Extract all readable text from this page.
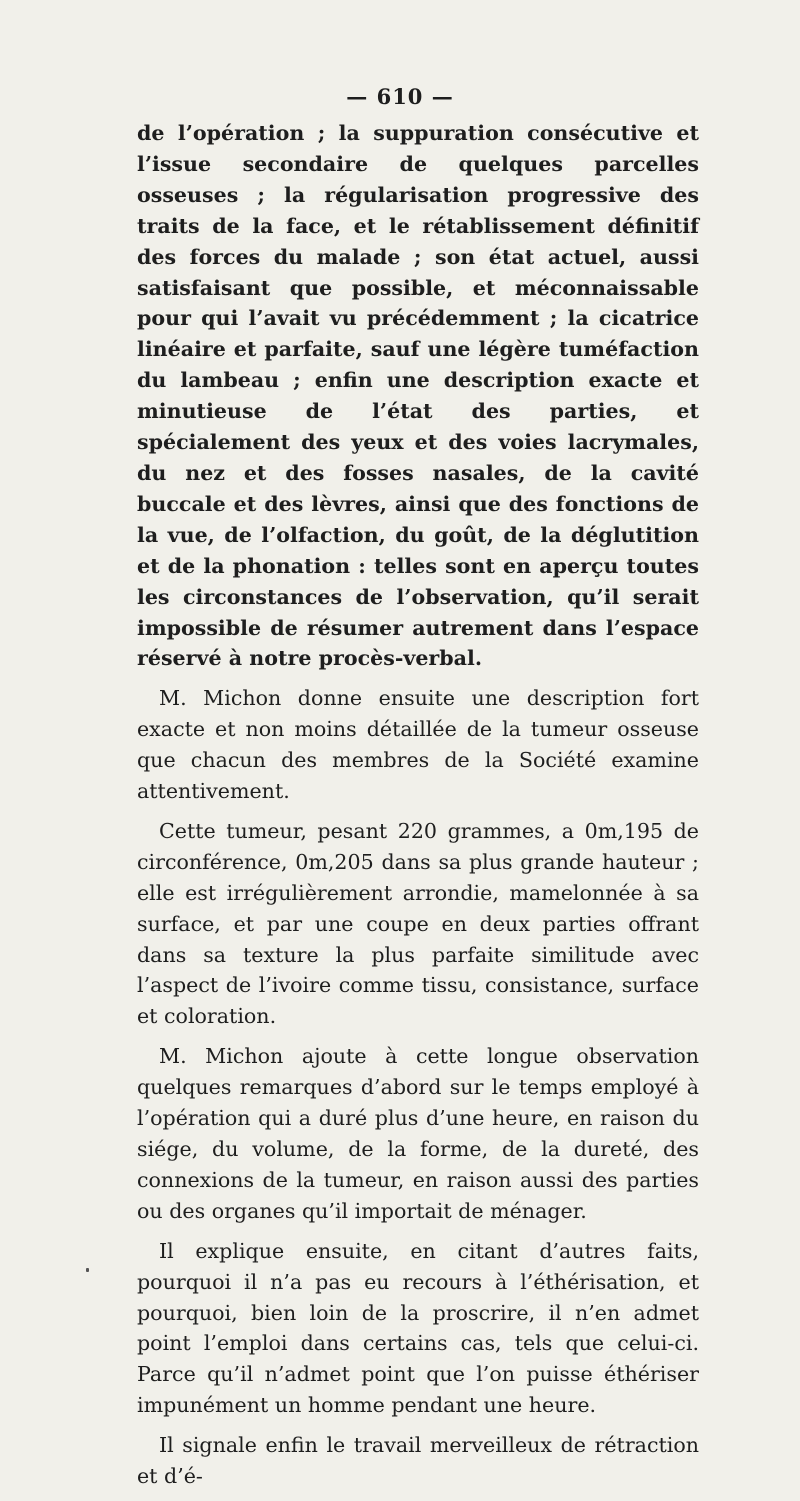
— 610 —

de l’opération ; la suppuration consécutive et l’issue secondaire de quelques parcelles osseuses ; la régularisation progressive des traits de la face, et le rétablissement définitif des forces du malade ; son état actuel, aussi satisfaisant que possible, et méconnaissable pour qui l’avait vu précédemment ; la cicatrice linéaire et parfaite, sauf une légère tuméfaction du lambeau ; enfin une description exacte et minutieuse de l’état des parties, et spécialement des yeux et des voies lacrymales, du nez et des fosses nasales, de la cavité buccale et des lèvres, ainsi que des fonctions de la vue, de l’olfaction, du goût, de la déglutition et de la phonation : telles sont en aperçu toutes les circonstances de l’observation, qu’il serait impossible de résumer autrement dans l’espace réservé à notre procès-verbal.

M. Michon donne ensuite une description fort exacte et non moins détaillée de la tumeur osseuse que chacun des membres de la Société examine attentivement.

Cette tumeur, pesant 220 grammes, a 0m,195 de circonférence, 0m,205 dans sa plus grande hauteur ; elle est irrégulièrement arrondie, mamelonnée à sa surface, et par une coupe en deux parties offrant dans sa texture la plus parfaite similitude avec l’aspect de l’ivoire comme tissu, consistance, surface et coloration.

M. Michon ajoute à cette longue observation quelques remarques d’abord sur le temps employé à l’opération qui a duré plus d’une heure, en raison du siége, du volume, de la forme, de la dureté, des connexions de la tumeur, en raison aussi des parties ou des organes qu’il importait de ménager.

Il explique ensuite, en citant d’autres faits, pourquoi il n’a pas eu recours à l’éthérisation, et pourquoi, bien loin de la proscrire, il n’en admet point l’emploi dans certains cas, tels que celui-ci. Parce qu’il n’admet point que l’on puisse éthériser impunément un homme pendant une heure.

Il signale enfin le travail merveilleux de rétraction et d’é-
